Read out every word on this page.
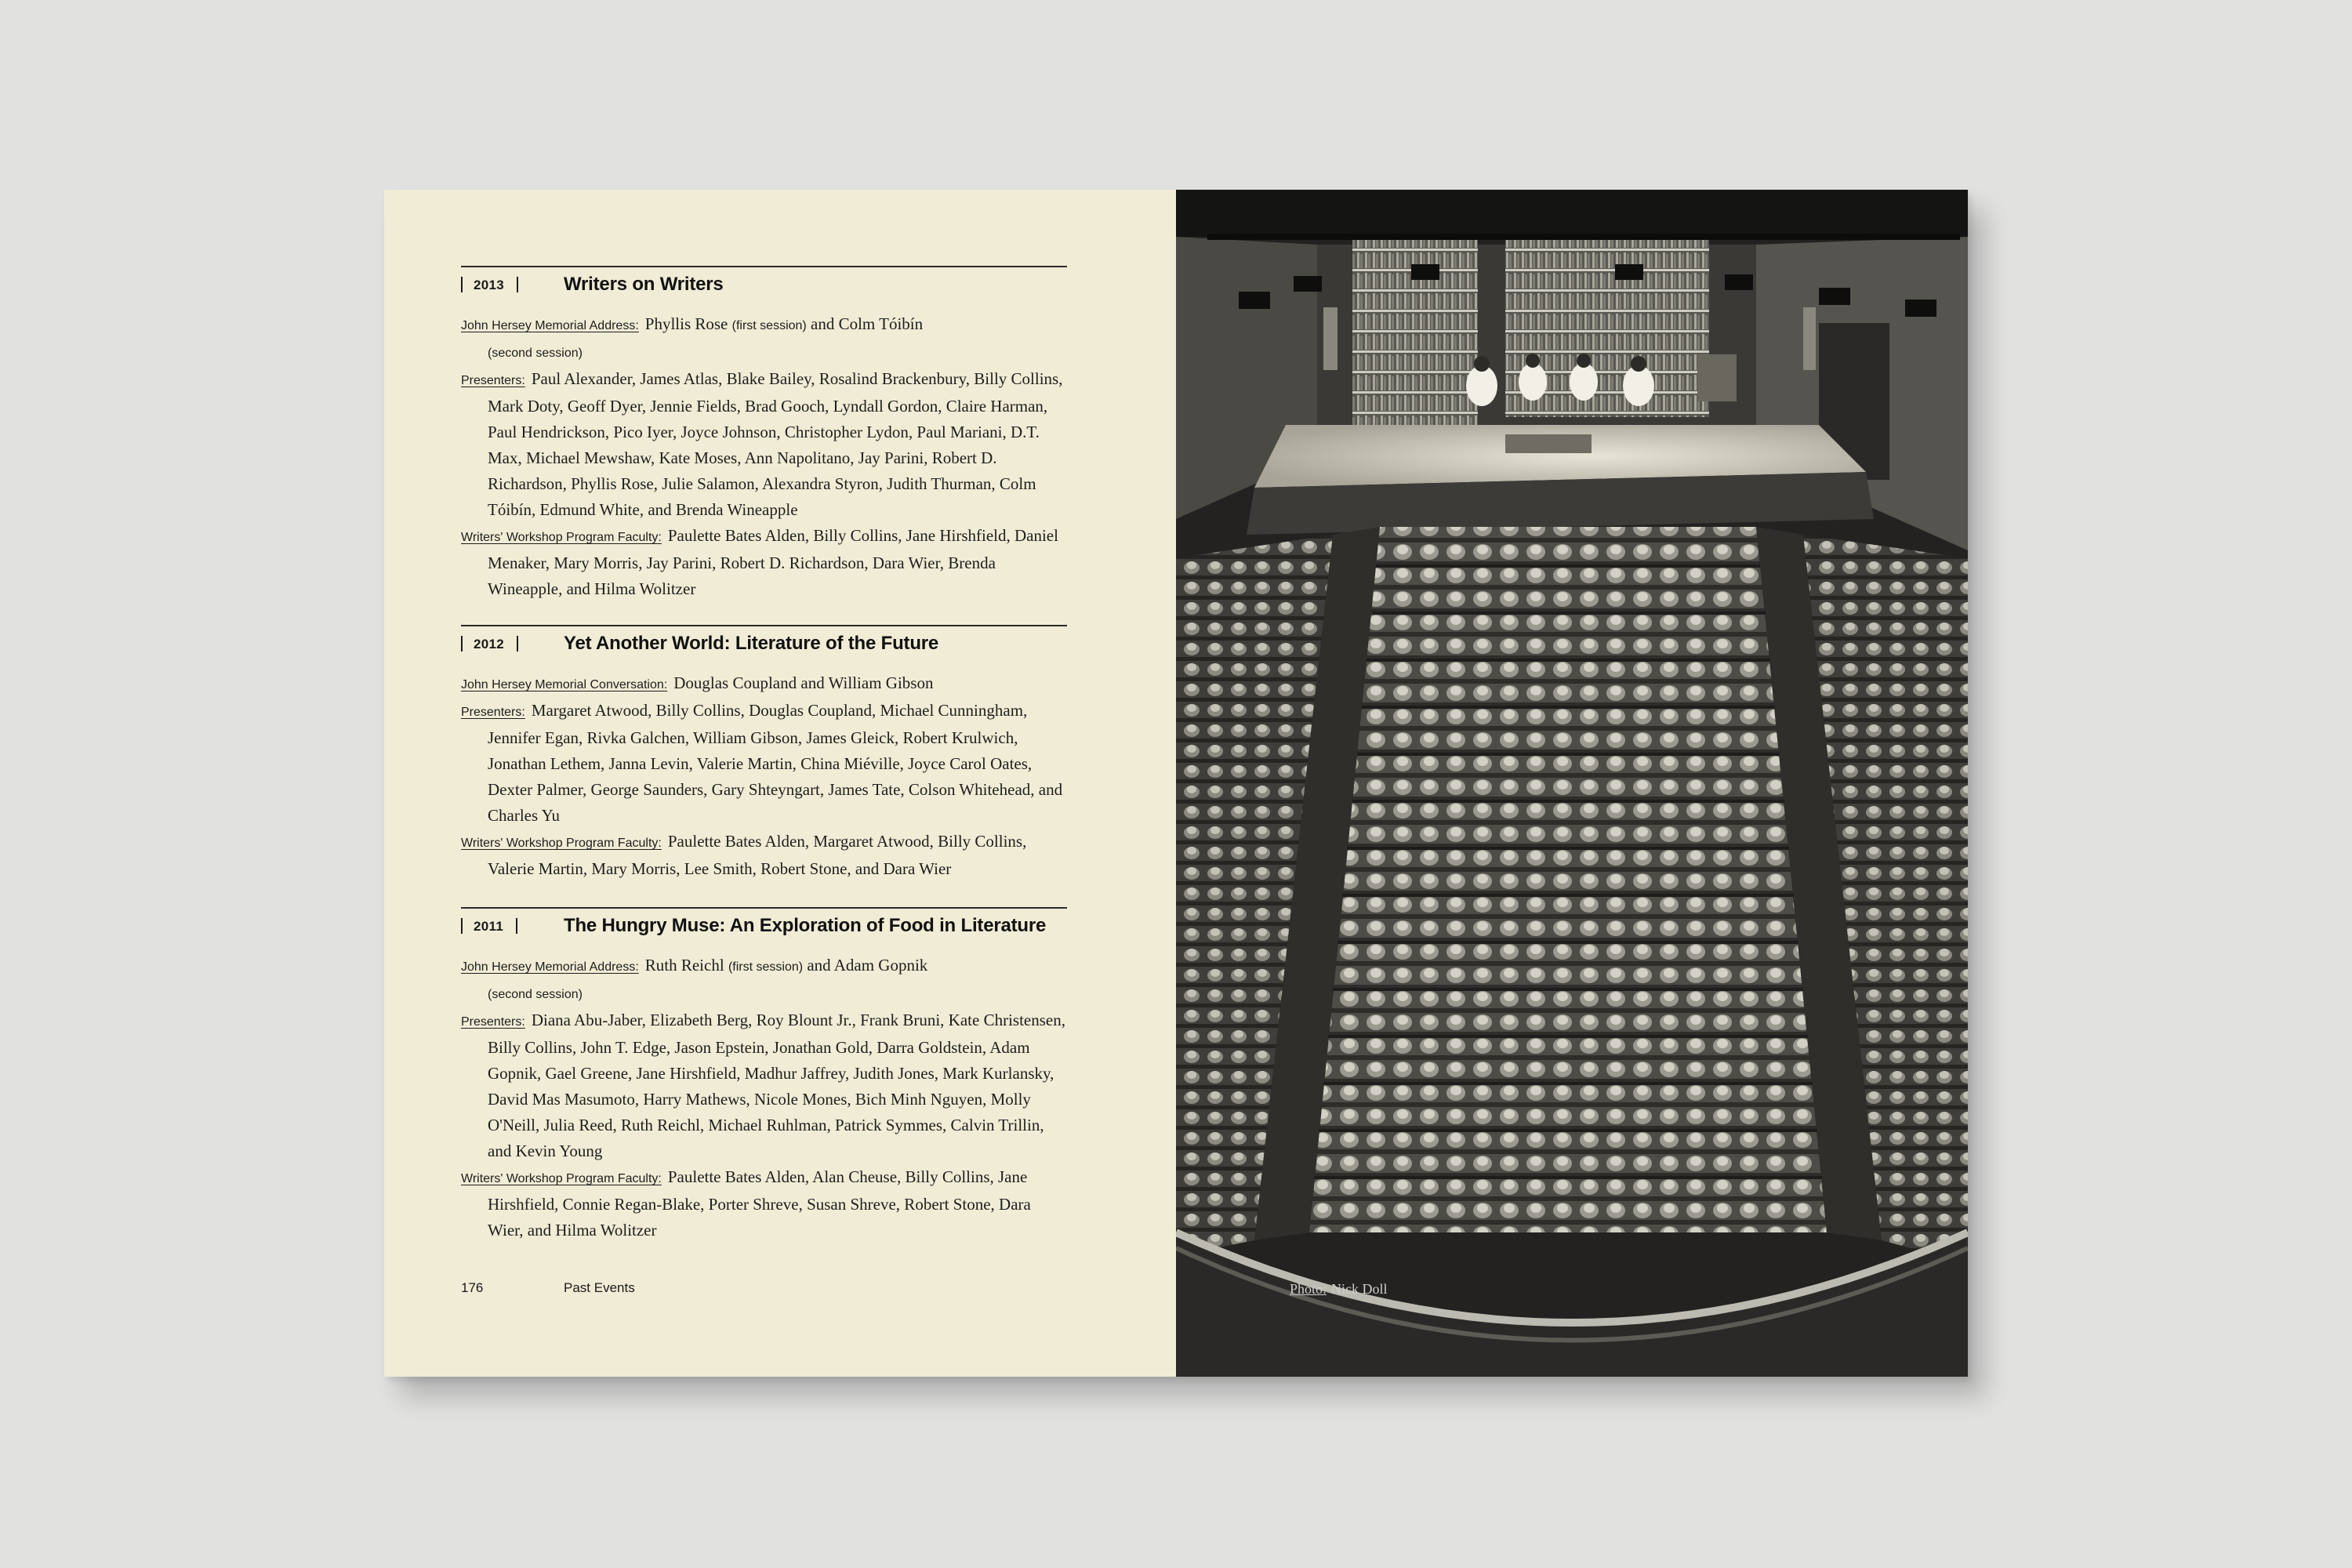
2013	Writers on Writers

John Hersey Memorial Address: Phyllis Rose (first session) and Colm Tóibín
(second session)

Presenters: Paul Alexander, James Atlas, Blake Bailey, Rosalind Brackenbury, Billy Collins, Mark Doty, Geoff Dyer, Jennie Fields, Brad Gooch, Lyndall Gordon, Claire Harman, Paul Hendrickson, Pico Iyer, Joyce Johnson, Christopher Lydon, Paul Mariani, D.T. Max, Michael Mewshaw, Kate Moses, Ann Napolitano, Jay Parini, Robert D. Richardson, Phyllis Rose, Julie Salamon, Alexandra Styron, Judith Thurman, Colm Tóibín, Edmund White, and Brenda Wineapple

Writers' Workshop Program Faculty: Paulette Bates Alden, Billy Collins, Jane Hirshfield, Daniel Menaker, Mary Morris, Jay Parini, Robert D. Richardson, Dara Wier, Brenda Wineapple, and Hilma Wolitzer

2012	Yet Another World: Literature of the Future

John Hersey Memorial Conversation: Douglas Coupland and William Gibson

Presenters: Margaret Atwood, Billy Collins, Douglas Coupland, Michael Cunningham, Jennifer Egan, Rivka Galchen, William Gibson, James Gleick, Robert Krulwich, Jonathan Lethem, Janna Levin, Valerie Martin, China Miéville, Joyce Carol Oates, Dexter Palmer, George Saunders, Gary Shteyngart, James Tate, Colson Whitehead, and Charles Yu

Writers' Workshop Program Faculty: Paulette Bates Alden, Margaret Atwood, Billy Collins, Valerie Martin, Mary Morris, Lee Smith, Robert Stone, and Dara Wier

2011	The Hungry Muse: An Exploration of Food in Literature

John Hersey Memorial Address: Ruth Reichl (first session) and Adam Gopnik
(second session)

Presenters: Diana Abu-Jaber, Elizabeth Berg, Roy Blount Jr., Frank Bruni, Kate Christensen, Billy Collins, John T. Edge, Jason Epstein, Jonathan Gold, Darra Goldstein, Adam Gopnik, Gael Greene, Jane Hirshfield, Madhur Jaffrey, Judith Jones, Mark Kurlansky, David Mas Masumoto, Harry Mathews, Nicole Mones, Bich Minh Nguyen, Molly O'Neill, Julia Reed, Ruth Reichl, Michael Ruhlman, Patrick Symmes, Calvin Trillin, and Kevin Young

Writers' Workshop Program Faculty: Paulette Bates Alden, Alan Cheuse, Billy Collins, Jane Hirshfield, Connie Regan-Blake, Porter Shreve, Susan Shreve, Robert Stone, Dara Wier, and Hilma Wolitzer

176	Past Events	Photo: Nick Doll
